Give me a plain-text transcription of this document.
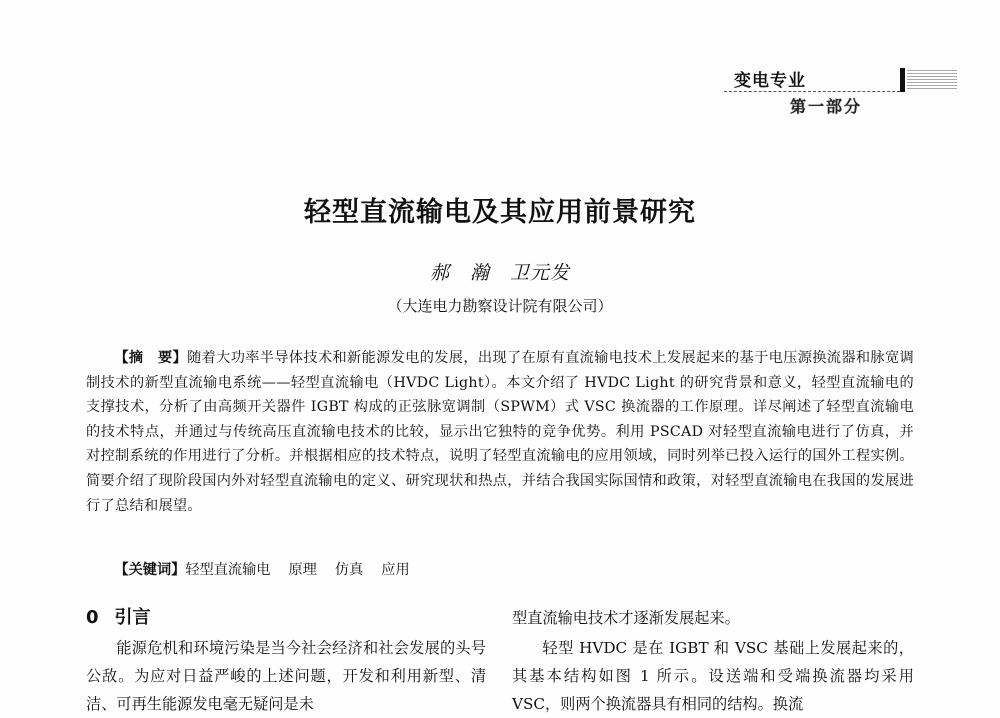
变电专业
第一部分
轻型直流输电及其应用前景研究
郝　瀚　卫元发
（大连电力勘察设计院有限公司）
【摘　要】随着大功率半导体技术和新能源发电的发展，出现了在原有直流输电技术上发展起来的基于电压源换流器和脉宽调制技术的新型直流输电系统——轻型直流输电（HVDC Light）。本文介绍了 HVDC Light 的研究背景和意义，轻型直流输电的支撑技术，分析了由高频开关器件 IGBT 构成的正弦脉宽调制（SPWM）式 VSC 换流器的工作原理。详尽阐述了轻型直流输电的技术特点，并通过与传统高压直流输电技术的比较，显示出它独特的竞争优势。利用 PSCAD 对轻型直流输电进行了仿真，并对控制系统的作用进行了分析。并根据相应的技术特点，说明了轻型直流输电的应用领域，同时列举已投入运行的国外工程实例。简要介绍了现阶段国内外对轻型直流输电的定义、研究现状和热点，并结合我国实际国情和政策，对轻型直流输电在我国的发展进行了总结和展望。
【关键词】轻型直流输电 原理 仿真 应用
0 引言

能源危机和环境污染是当今社会经济和社会发展的头号公敌。为应对日益严峻的上述问题，开发和利用新型、清洁、可再生能源发电毫无疑问是未

型直流输电技术才逐渐发展起来。

轻型 HVDC 是在 IGBT 和 VSC 基础上发展起来的，其基本结构如图 1 所示。设送端和受端换流器均采用 VSC，则两个换流器具有相同的结构。换流
